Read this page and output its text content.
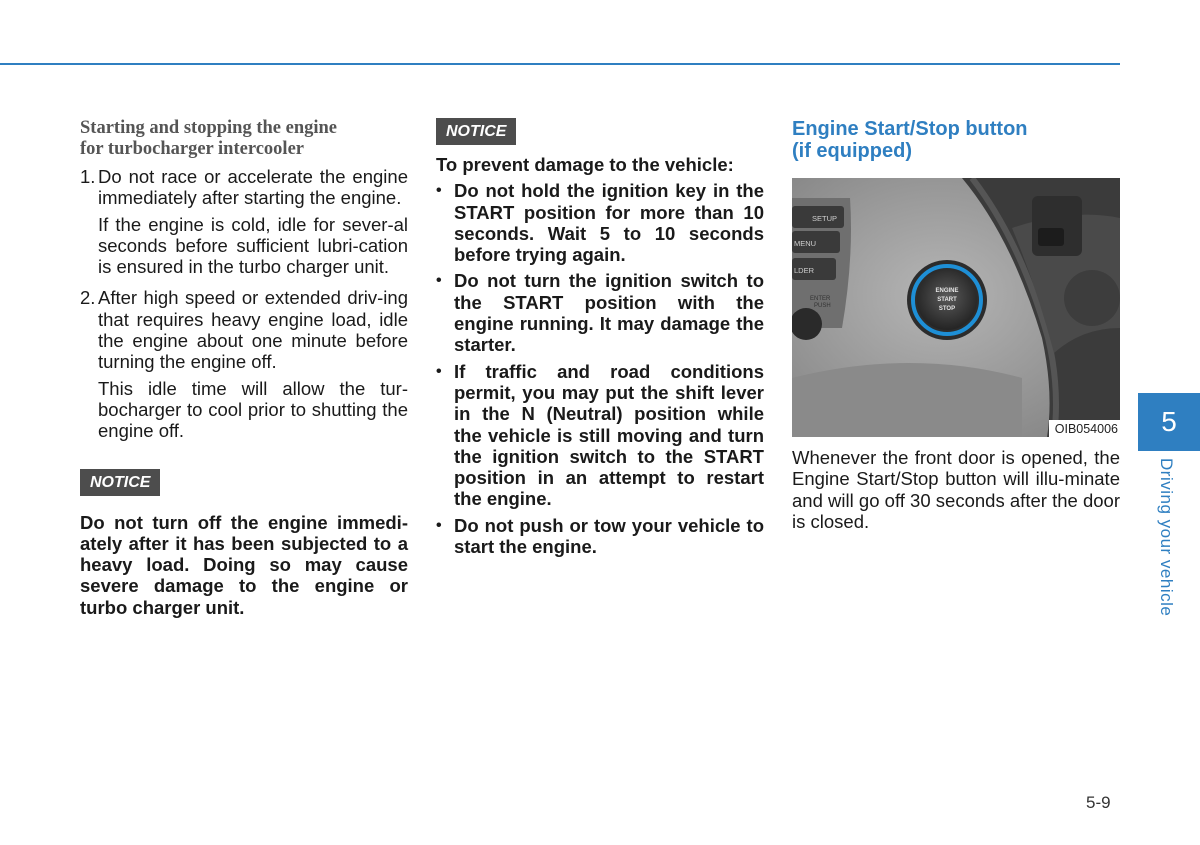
Starting and stopping the engine
for turbocharger intercooler
1. Do not race or accelerate the engine immediately after starting the engine.

If the engine is cold, idle for sever-al seconds before sufficient lubri-cation is ensured in the turbo charger unit.

2. After high speed or extended driv-ing that requires heavy engine load, idle the engine about one minute before turning the engine off.

This idle time will allow the tur-bocharger to cool prior to shutting the engine off.

NOTICE

Do not turn off the engine immedi-ately after it has been subjected to a heavy load. Doing so may cause severe damage to the engine or turbo charger unit.

NOTICE

To prevent damage to the vehicle:

• Do not hold the ignition key in the START position for more than 10 seconds. Wait 5 to 10 seconds before trying again.
• Do not turn the ignition switch to the START position with the engine running. It may damage the starter.
• If traffic and road conditions permit, you may put the shift lever in the N (Neutral) position while the vehicle is still moving and turn the ignition switch to the START position in an attempt to restart the engine.
• Do not push or tow your vehicle to start the engine.
Engine Start/Stop button
(if equipped)
SETUP
MENU
LDER
ENTER
PUSH
ENGINE
START
STOP
OIB054006

Whenever the front door is opened, the Engine Start/Stop button will illu-minate and will go off 30 seconds after the door is closed.

5
Driving your vehicle
5-9
